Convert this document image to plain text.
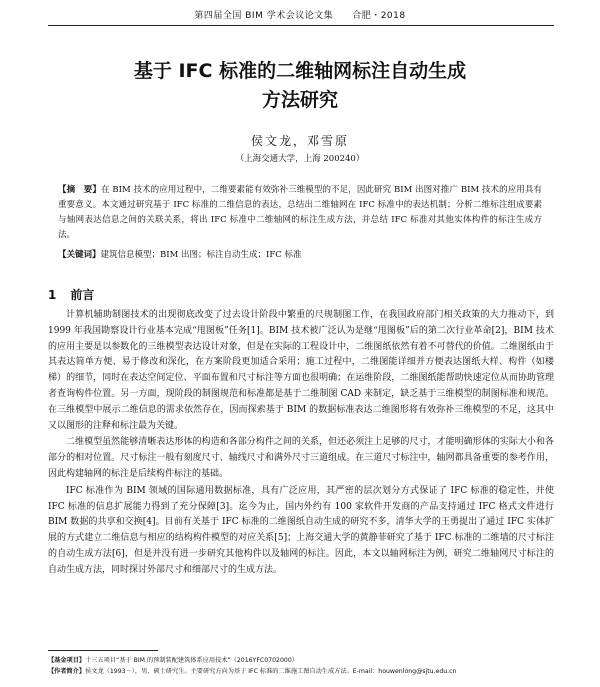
第四届全国 BIM 学术会议论文集　　合肥・2018
基于 IFC 标准的二维轴网标注自动生成
方法研究
侯文龙，邓雪原
（上海交通大学，上海 200240）
【摘　要】在 BIM 技术的应用过程中，二维要素能有效弥补三维模型的不足，因此研究 BIM 出图对推广 BIM 技术的应用具有重要意义。本文通过研究基于 IFC 标准的二维信息的表达，总结出二维轴网在 IFC 标准中的表达机制；分析二维标注组成要素与轴网表达信息之间的关联关系，将出 IFC 标准中二维轴网的标注生成方法，并总结 IFC 标准对其他实体构件的标注生成方法。
【关键词】建筑信息模型；BIM 出图；标注自动生成；IFC 标准
1 前言

计算机辅助制图技术的出现彻底改变了过去设计阶段中繁重的尺规制图工作，在我国政府部门相关政策的大力推动下，到 1999 年我国勘察设计行业基本完成“甩图板”任务[1]。BIM 技术被广泛认为是继“甩图板”后的第二次行业革命[2]，BIM 技术的应用主要是以参数化的三维模型表达设计对象，但是在实际的工程设计中，二维图纸依然有着不可替代的价值。二维图纸由于其表达简单方便、易于修改和深化，在方案阶段更加适合采用；施工过程中，二维图能详细并方便表达图纸大样、构件（如楼梯）的细节，同时在表达空间定位、平面布置和尺寸标注等方面也很明确；在运维阶段，二维图纸能帮助快速定位从而协助管理者查询构件位置。另一方面，现阶段的制图规范和标准都是基于二维制图 CAD 来制定，缺乏基于三维模型的制图标准和规范。在三维模型中展示二维信息的需求依然存在，因而探索基于 BIM 的数据标准表达二维图形将有效弥补三维模型的不足，这其中又以图形的注释和标注最为关键。

二维模型虽然能够清晰表达形体的构造和各部分构件之间的关系，但还必须注上足够的尺寸，才能明确形体的实际大小和各部分的相对位置。尺寸标注一般有刻度尺寸、轴线尺寸和满外尺寸三道组成。在三道尺寸标注中，轴网都具备重要的参考作用，因此构建轴网的标注是后续构件标注的基础。

IFC 标准作为 BIM 领域的国际通用数据标准，具有广泛应用，其严密的层次划分方式保证了 IFC 标准的稳定性，并使 IFC 标准的信息扩展能力得到了充分保障[3]。迄今为止，国内外约有 100 家软件开发商的产品支持通过 IFC 格式文件进行 BIM 数据的共享和交换[4]。目前有关基于 IFC 标准的二维图纸自动生成的研究不多，清华大学的王勇提出了通过 IFC 实体扩展的方式建立二维信息与相应的结构构件模型的对应关系[5]；上海交通大学的黄静菲研究了基于 IFC 标准的二维墙的尺寸标注的自动生成方法[6]，但是并没有进一步研究其他构件以及轴网的标注。因此，本文以轴网标注为例，研究二维轴网尺寸标注的自动生成方法，同时探讨外部尺寸和细部尺寸的生成方法。

【基金项目】十三五项目“基于 BIM 的预制装配建筑体系应用技术”（2016YFC0702000）
【作者简介】侯文龙（1993－），男，硕士研究生。主要研究方向为基于 IFC 标准的二维施工图自动生成方法。E-mail：houwenlong@sjtu.edu.cn
